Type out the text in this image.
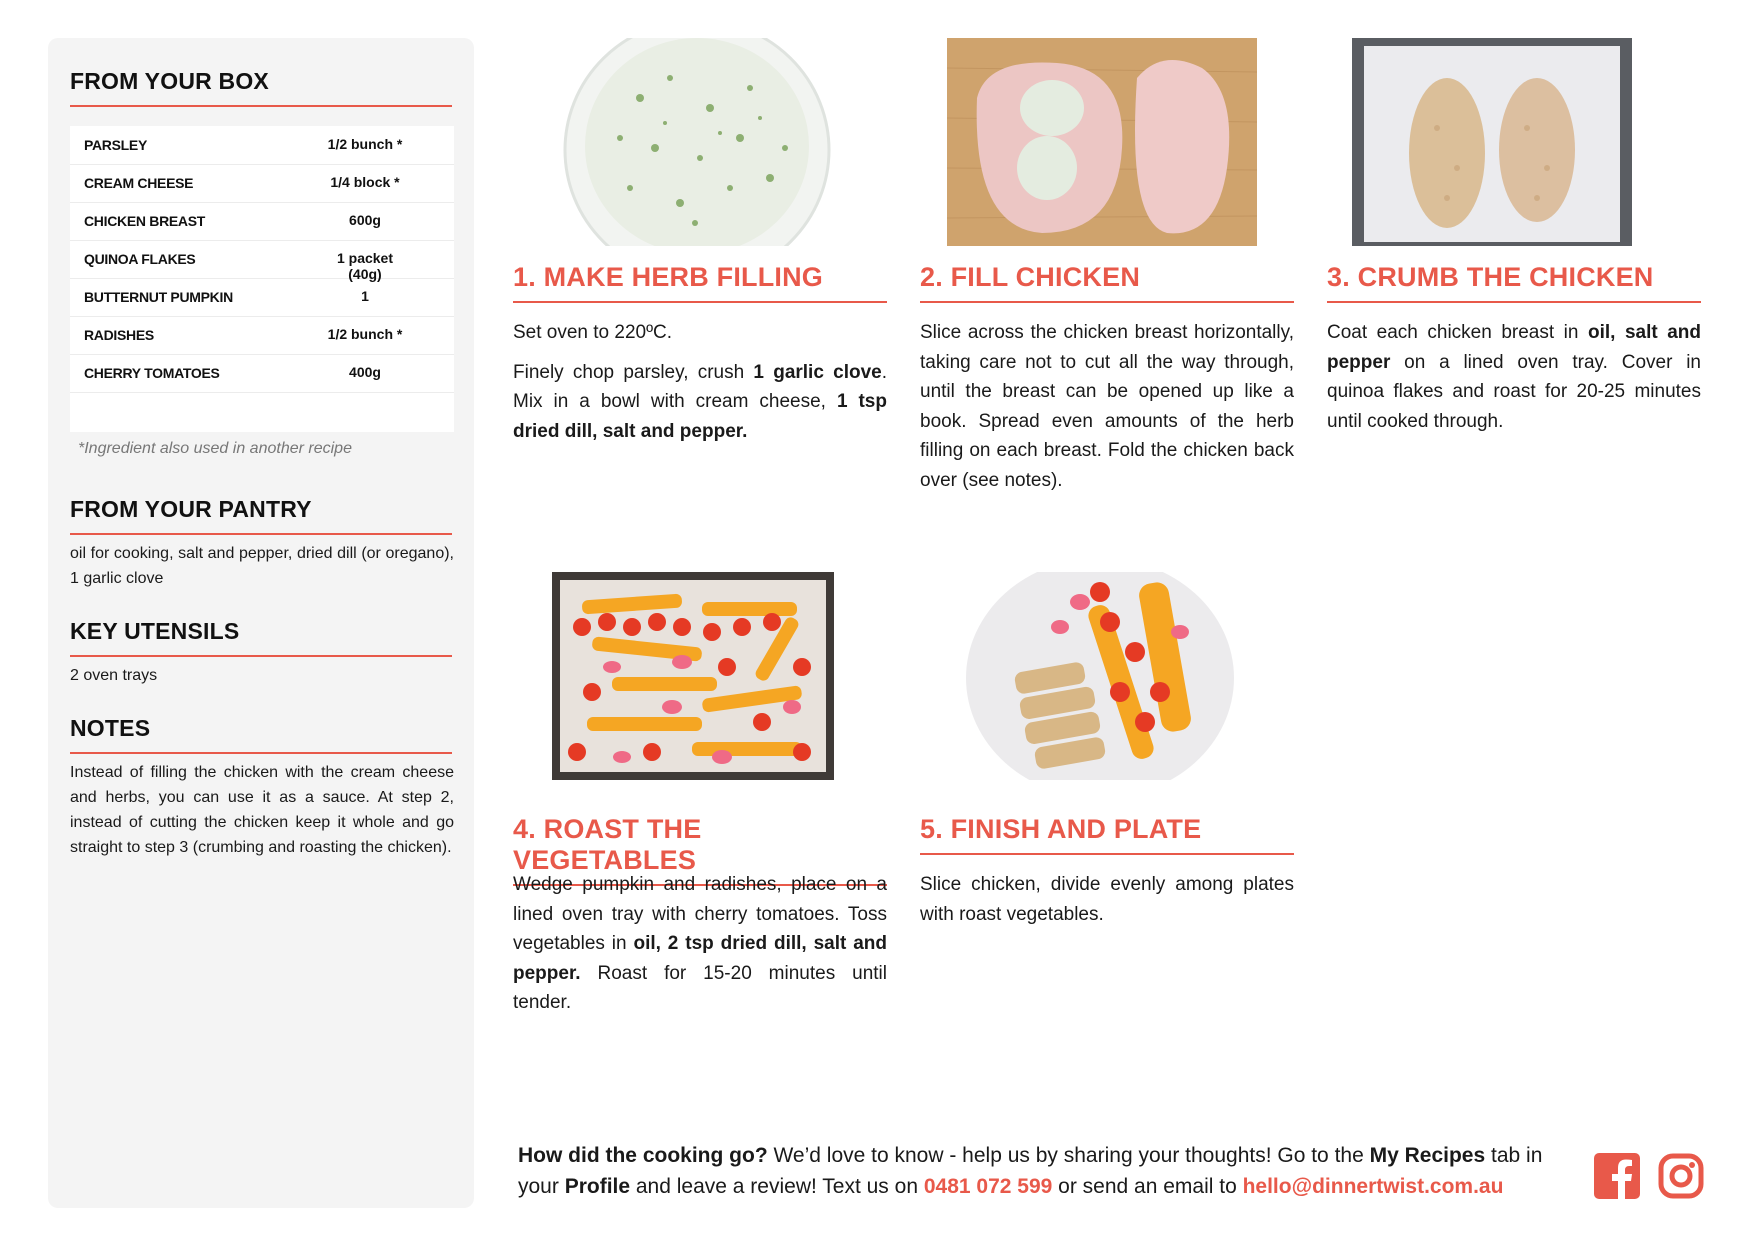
FROM YOUR BOX
PARSLEY	1/2 bunch *
CREAM CHEESE	1/4 block *
CHICKEN BREAST	600g
QUINOA FLAKES	1 packet (40g)
BUTTERNUT PUMPKIN	1
RADISHES	1/2 bunch *
CHERRY TOMATOES	400g
*Ingredient also used in another recipe
FROM YOUR PANTRY

oil for cooking, salt and pepper, dried dill (or oregano), 1 garlic clove

KEY UTENSILS

2 oven trays

NOTES

Instead of filling the chicken with the cream cheese and herbs, you can use it as a sauce. At step 2, instead of cutting the chicken keep it whole and go straight to step 3 (crumbing and roasting the chicken).

1. MAKE HERB FILLING

Set oven to 220ºC.

Finely chop parsley, crush 1 garlic clove. Mix in a bowl with cream cheese, 1 tsp dried dill, salt and pepper.

2. FILL CHICKEN

Slice across the chicken breast horizontally, taking care not to cut all the way through, until the breast can be opened up like a book. Spread even amounts of the herb filling on each breast. Fold the chicken back over (see notes).

3. CRUMB THE CHICKEN

Coat each chicken breast in oil, salt and pepper on a lined oven tray. Cover in quinoa flakes and roast for 20-25 minutes until cooked through.

4. ROAST THE VEGETABLES

Wedge pumpkin and radishes, place on a lined oven tray with cherry tomatoes. Toss vegetables in oil, 2 tsp dried dill, salt and pepper. Roast for 15-20 minutes until tender.

5. FINISH AND PLATE

Slice chicken, divide evenly among plates with roast vegetables.

How did the cooking go? We’d love to know - help us by sharing your thoughts! Go to the My Recipes tab in your Profile and leave a review! Text us on 0481 072 599 or send an email to hello@dinnertwist.com.au
